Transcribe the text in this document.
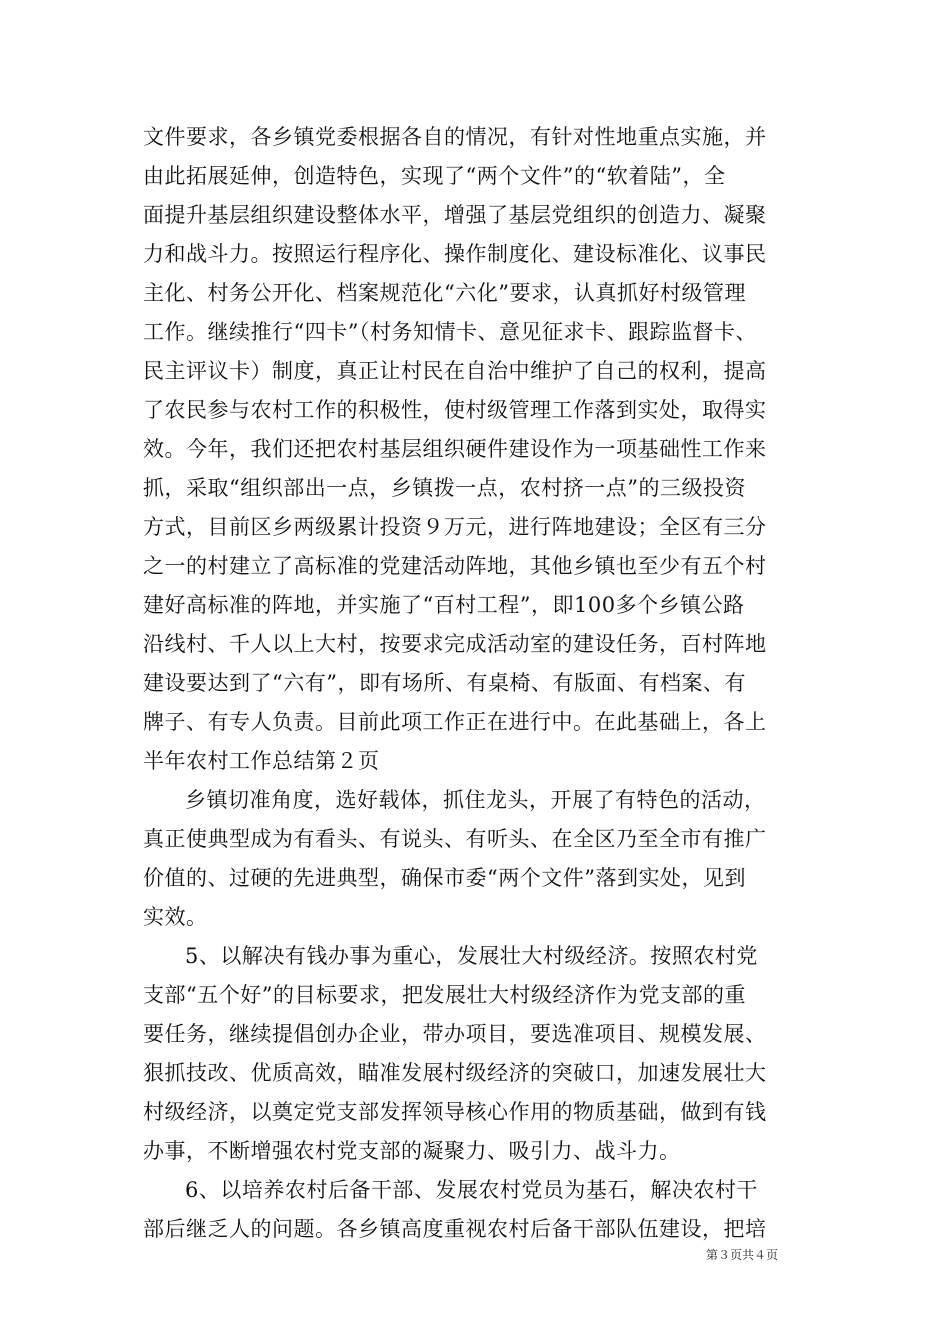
文件要求，各乡镇党委根据各自的情况，有针对性地重点实施，并
由此拓展延伸，创造特色，实现了“两个文件”的“软着陆”，全
面提升基层组织建设整体水平，增强了基层党组织的创造力、凝聚
力和战斗力。按照运行程序化、操作制度化、建设标准化、议事民
主化、村务公开化、档案规范化“六化”要求，认真抓好村级管理
工作。继续推行“四卡”（村务知情卡、意见征求卡、跟踪监督卡、
民主评议卡）制度，真正让村民在自治中维护了自己的权利，提高
了农民参与农村工作的积极性，使村级管理工作落到实处，取得实
效。今年，我们还把农村基层组织硬件建设作为一项基础性工作来
抓，采取“组织部出一点，乡镇拨一点，农村挤一点”的三级投资
方式，目前区乡两级累计投资９万元，进行阵地建设；全区有三分
之一的村建立了高标准的党建活动阵地，其他乡镇也至少有五个村
建好高标准的阵地，并实施了“百村工程”，即100多个乡镇公路
沿线村、千人以上大村，按要求完成活动室的建设任务，百村阵地
建设要达到了“六有”，即有场所、有桌椅、有版面、有档案、有
牌子、有专人负责。目前此项工作正在进行中。在此基础上，各上
半年农村工作总结第２页
乡镇切准角度，选好载体，抓住龙头，开展了有特色的活动，
真正使典型成为有看头、有说头、有听头、在全区乃至全市有推广
价值的、过硬的先进典型，确保市委“两个文件”落到实处，见到
实效。
5、以解决有钱办事为重心，发展壮大村级经济。按照农村党
支部“五个好”的目标要求，把发展壮大村级经济作为党支部的重
要任务，继续提倡创办企业，带办项目，要选准项目、规模发展、
狠抓技改、优质高效，瞄准发展村级经济的突破口，加速发展壮大
村级经济，以奠定党支部发挥领导核心作用的物质基础，做到有钱
办事，不断增强农村党支部的凝聚力、吸引力、战斗力。
6、以培养农村后备干部、发展农村党员为基石，解决农村干
部后继乏人的问题。各乡镇高度重视农村后备干部队伍建设，把培
第３页共４页
